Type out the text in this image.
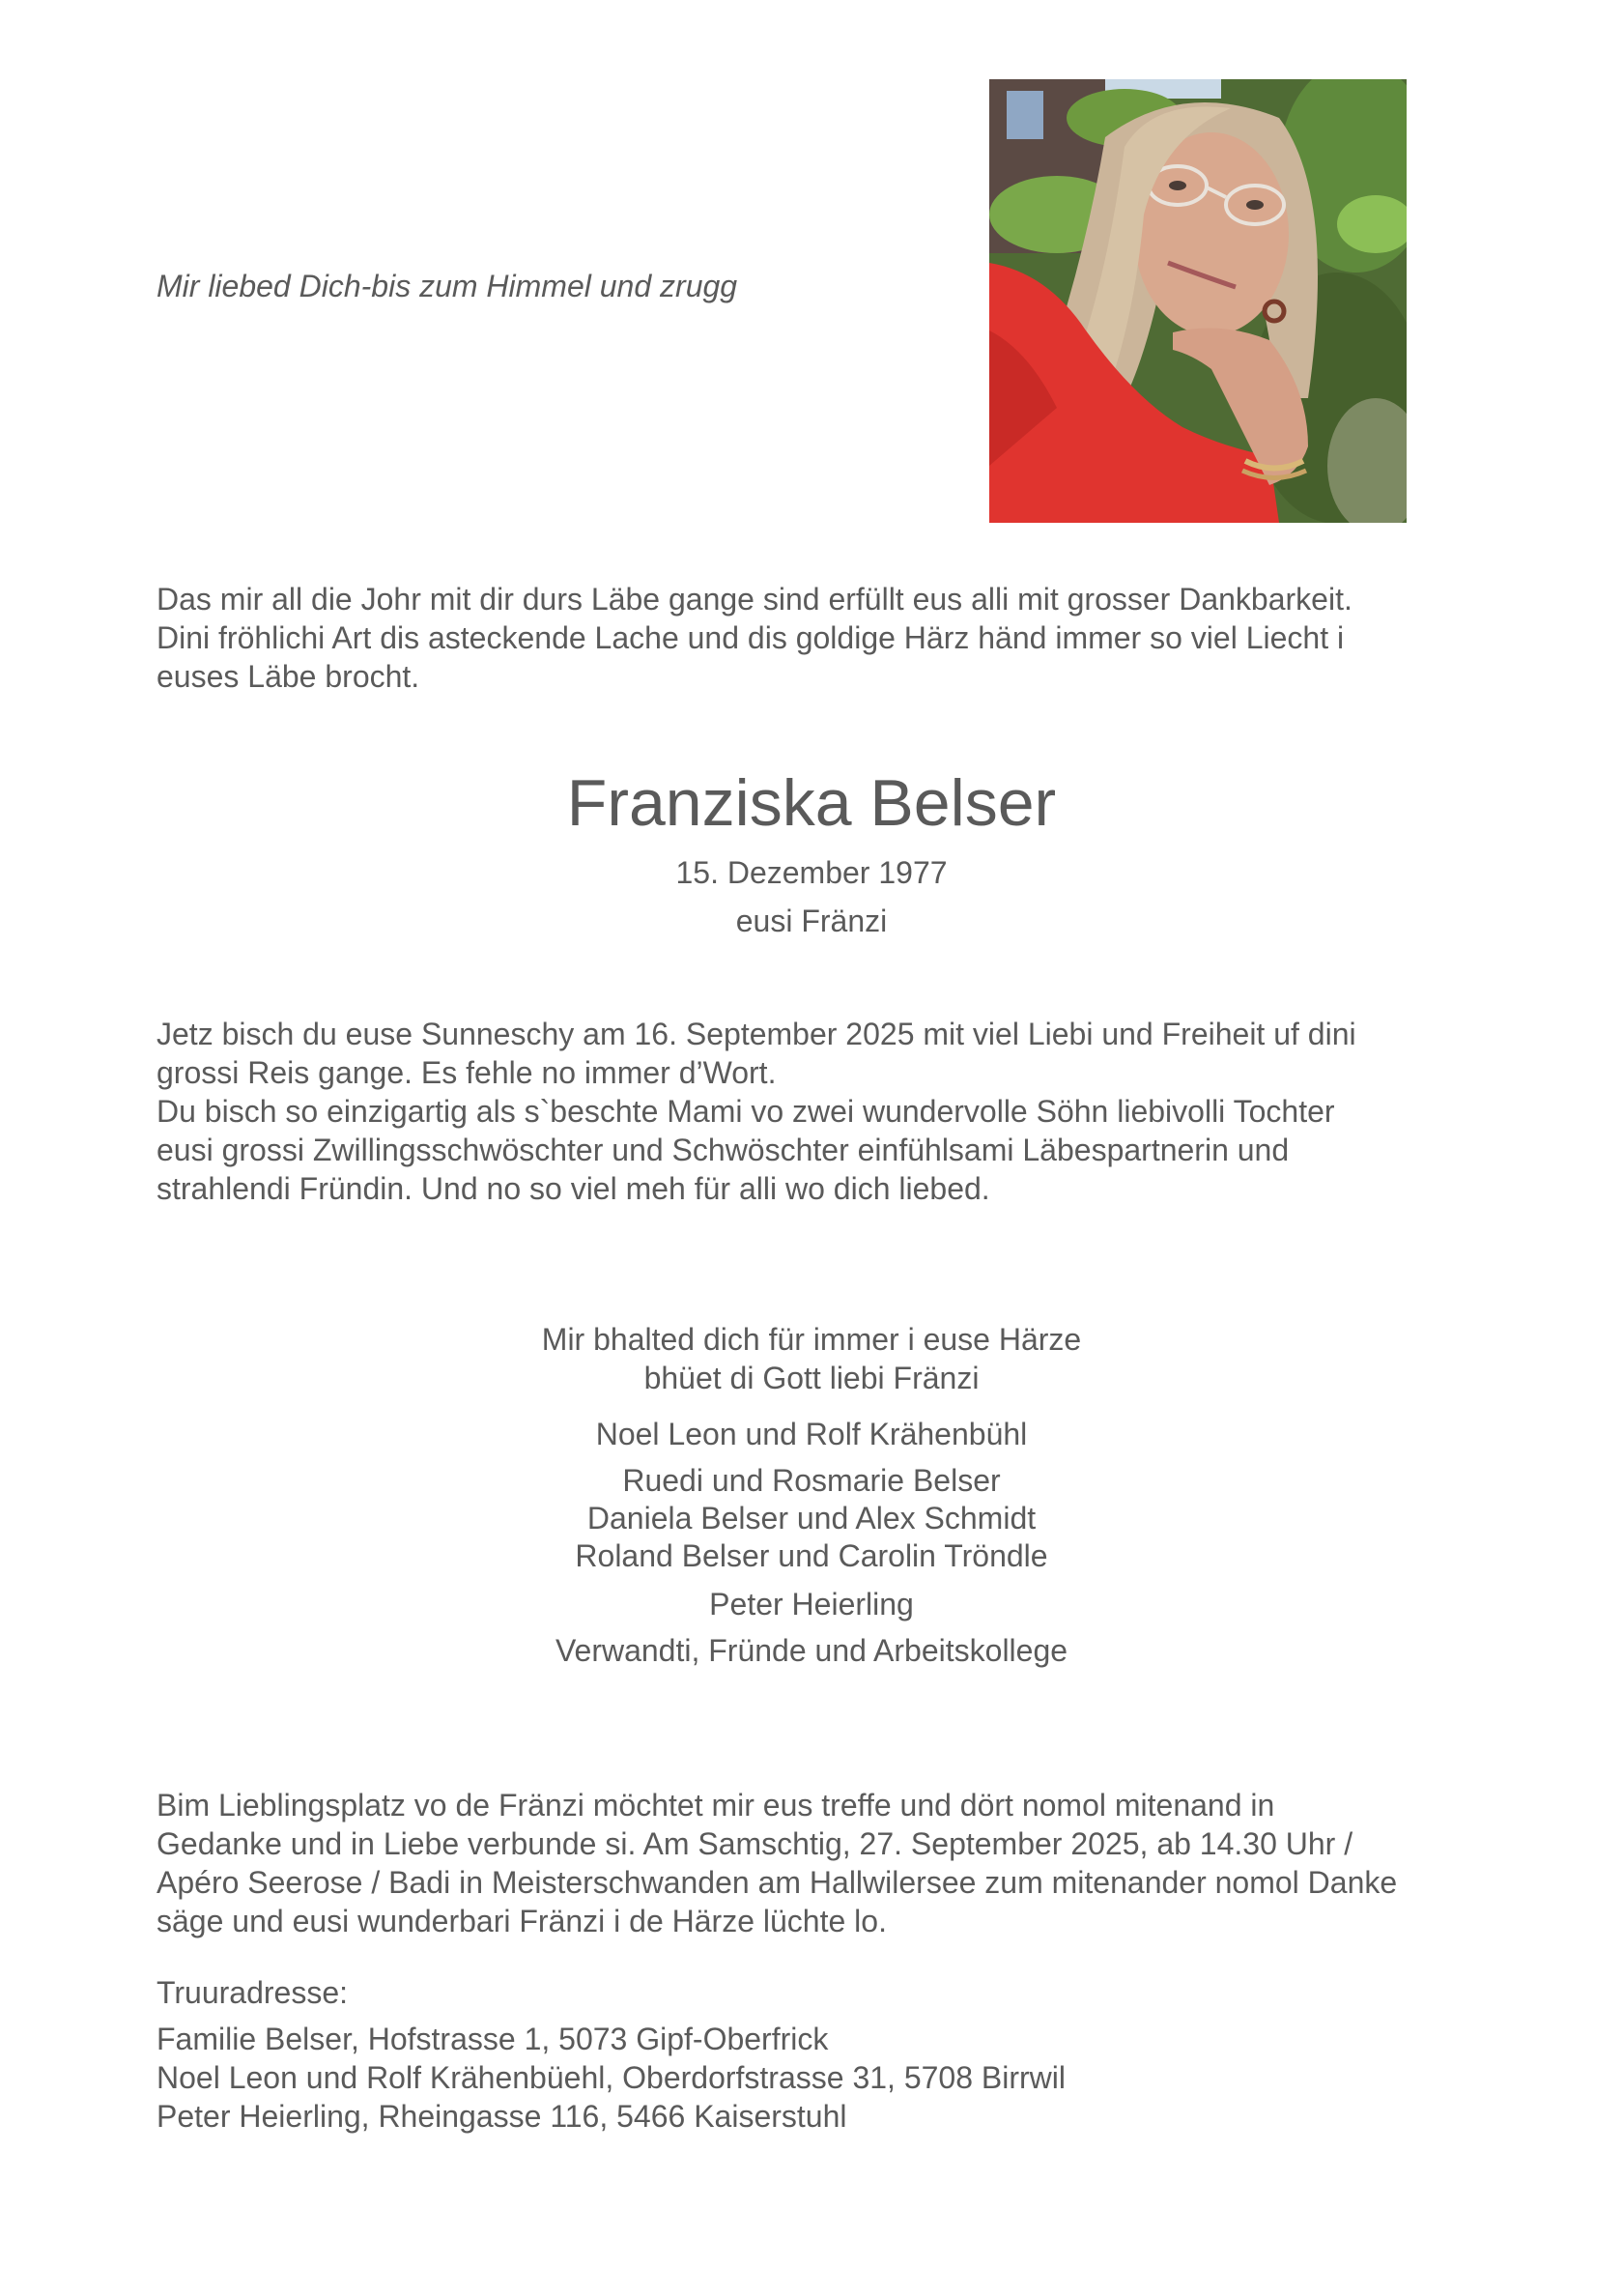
Mir liebed Dich-bis zum Himmel und zrugg
Das mir all die Johr mit dir durs Läbe gange sind erfüllt eus alli mit grosser Dankbarkeit.
Dini fröhlichi Art dis asteckende Lache und dis goldige Härz händ immer so viel Liecht i
euses Läbe brocht.
Franziska Belser
15. Dezember 1977
eusi Fränzi
Jetz bisch du euse Sunneschy am 16. September 2025 mit viel Liebi und Freiheit uf dini
grossi Reis gange. Es fehle no immer d’Wort.
Du bisch so einzigartig als s`beschte Mami vo zwei wundervolle Söhn liebivolli Tochter
eusi grossi Zwillingsschwöschter und Schwöschter einfühlsami Läbespartnerin und
strahlendi Fründin. Und no so viel meh für alli wo dich liebed.
Mir bhalted dich für immer i euse Härze
bhüet di Gott liebi Fränzi
Noel Leon und Rolf Krähenbühl
Ruedi und Rosmarie Belser
Daniela Belser und Alex Schmidt
Roland Belser und Carolin Tröndle
Peter Heierling
Verwandti, Fründe und Arbeitskollege
Bim Lieblingsplatz vo de Fränzi möchtet mir eus treffe und dört nomol mitenand in
Gedanke und in Liebe verbunde si. Am Samschtig, 27. September 2025, ab 14.30 Uhr /
Apéro Seerose / Badi in Meisterschwanden am Hallwilersee zum mitenander nomol Danke
säge und eusi wunderbari Fränzi i de Härze lüchte lo.
Truuradresse:
Familie Belser, Hofstrasse 1, 5073 Gipf-Oberfrick
Noel Leon und Rolf Krähenbüehl, Oberdorfstrasse 31, 5708 Birrwil
Peter Heierling, Rheingasse 116, 5466 Kaiserstuhl
